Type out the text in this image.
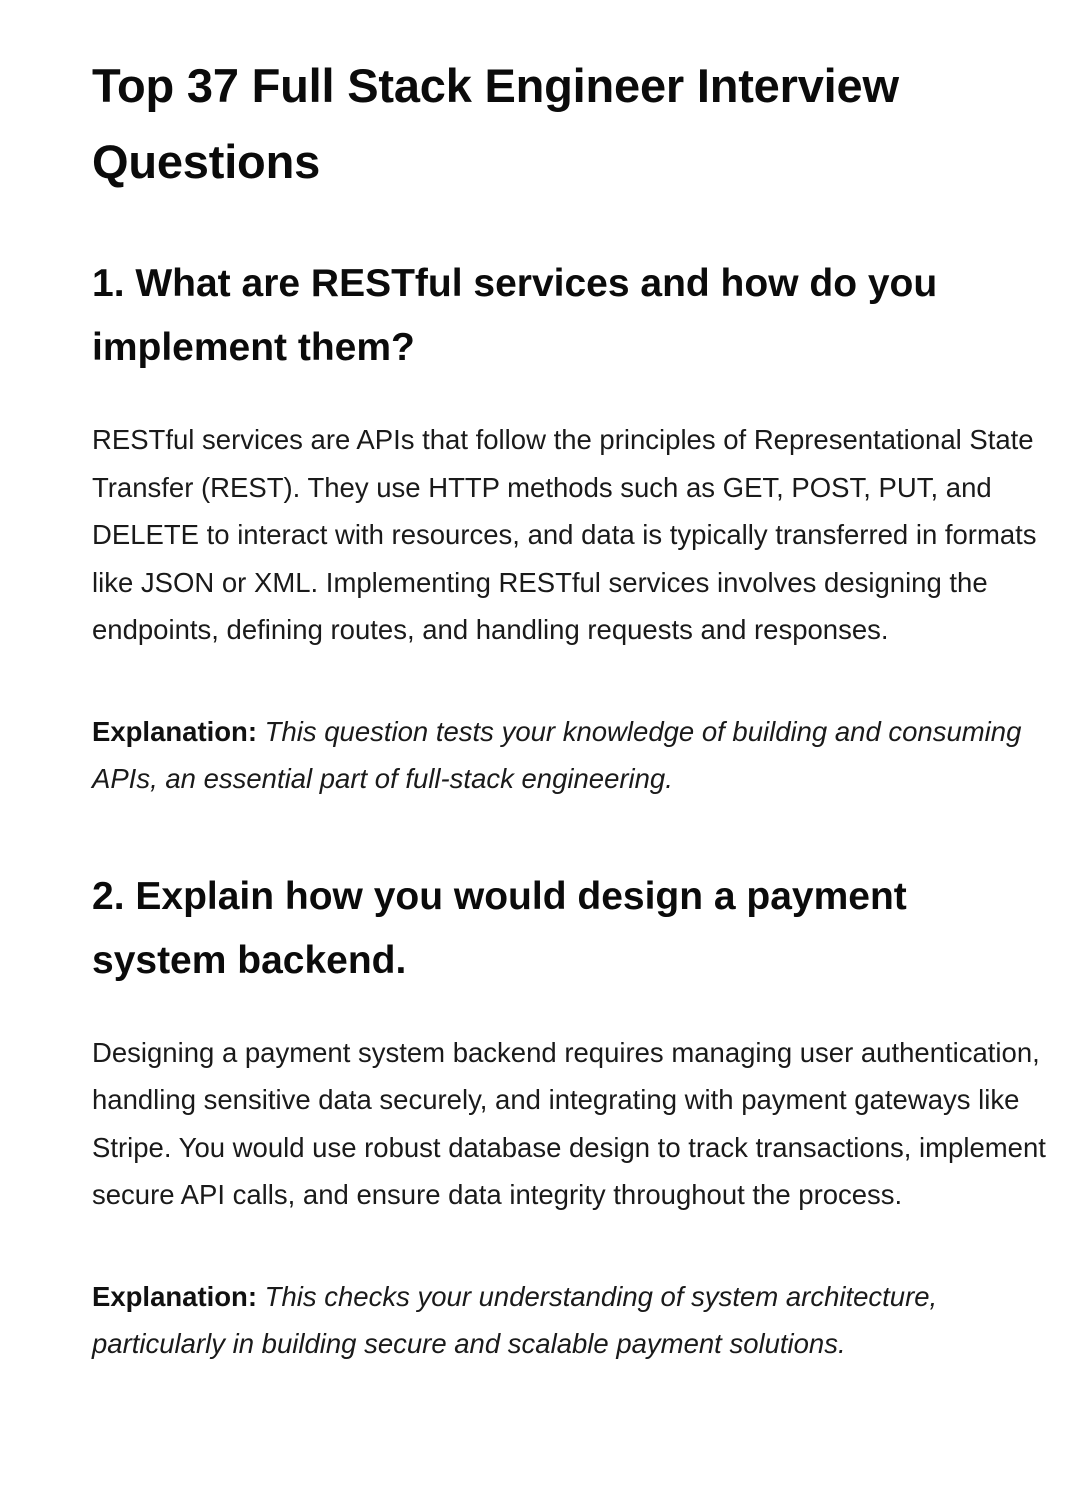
Top 37 Full Stack Engineer Interview Questions
1. What are RESTful services and how do you implement them?

RESTful services are APIs that follow the principles of Representational State Transfer (REST). They use HTTP methods such as GET, POST, PUT, and DELETE to interact with resources, and data is typically transferred in formats like JSON or XML. Implementing RESTful services involves designing the endpoints, defining routes, and handling requests and responses.

Explanation: This question tests your knowledge of building and consuming APIs, an essential part of full-stack engineering.

2. Explain how you would design a payment system backend.

Designing a payment system backend requires managing user authentication, handling sensitive data securely, and integrating with payment gateways like Stripe. You would use robust database design to track transactions, implement secure API calls, and ensure data integrity throughout the process.

Explanation: This checks your understanding of system architecture, particularly in building secure and scalable payment solutions.
